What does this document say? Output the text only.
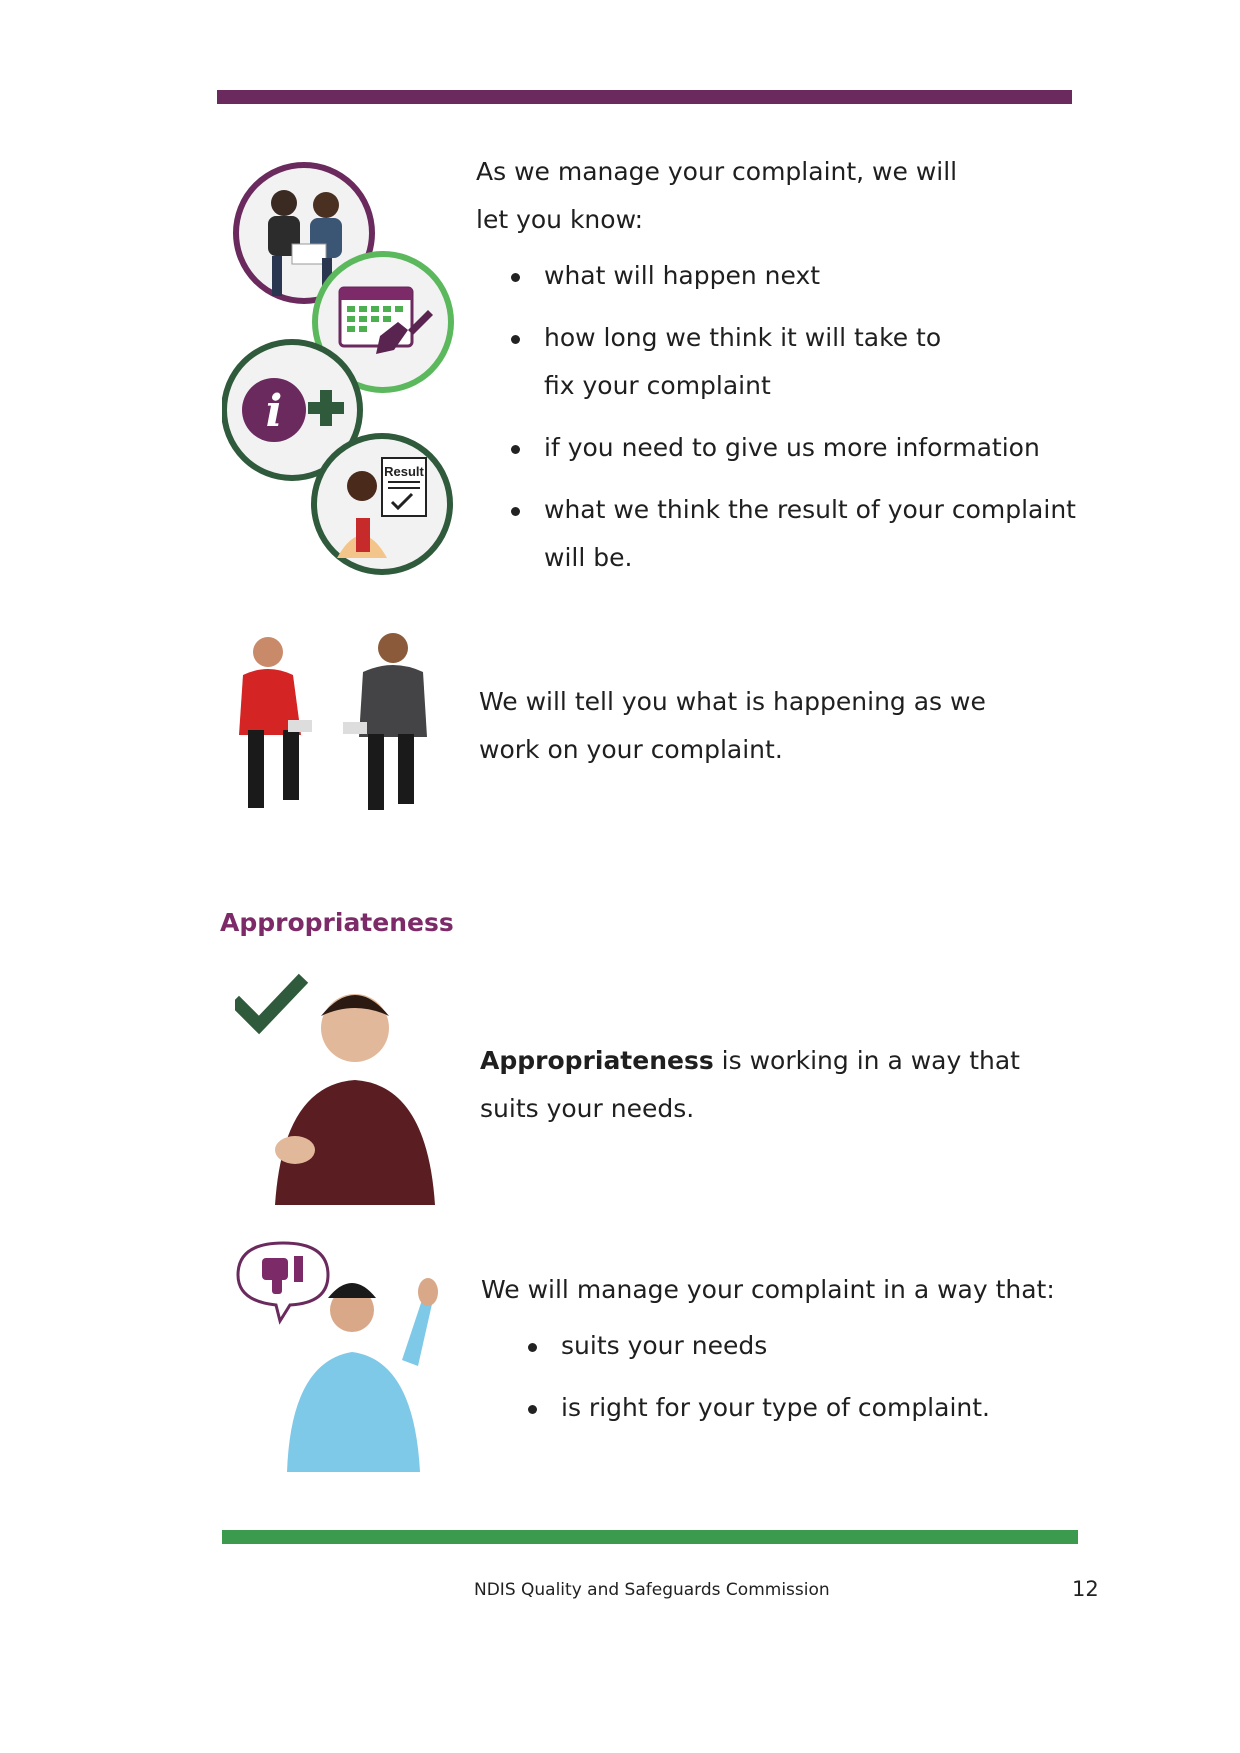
i
Result

As we manage your complaint, we will let you know:

what will happen next
how long we think it will take to fix your complaint
if you need to give us more information
what we think the result of your complaint will be.
We will tell you what is happening as we work on your complaint.
Appropriateness
Appropriateness is working in a way that suits your needs.

We will manage your complaint in a way that:

suits your needs
is right for your type of complaint.
NDIS Quality and Safeguards Commission	12
